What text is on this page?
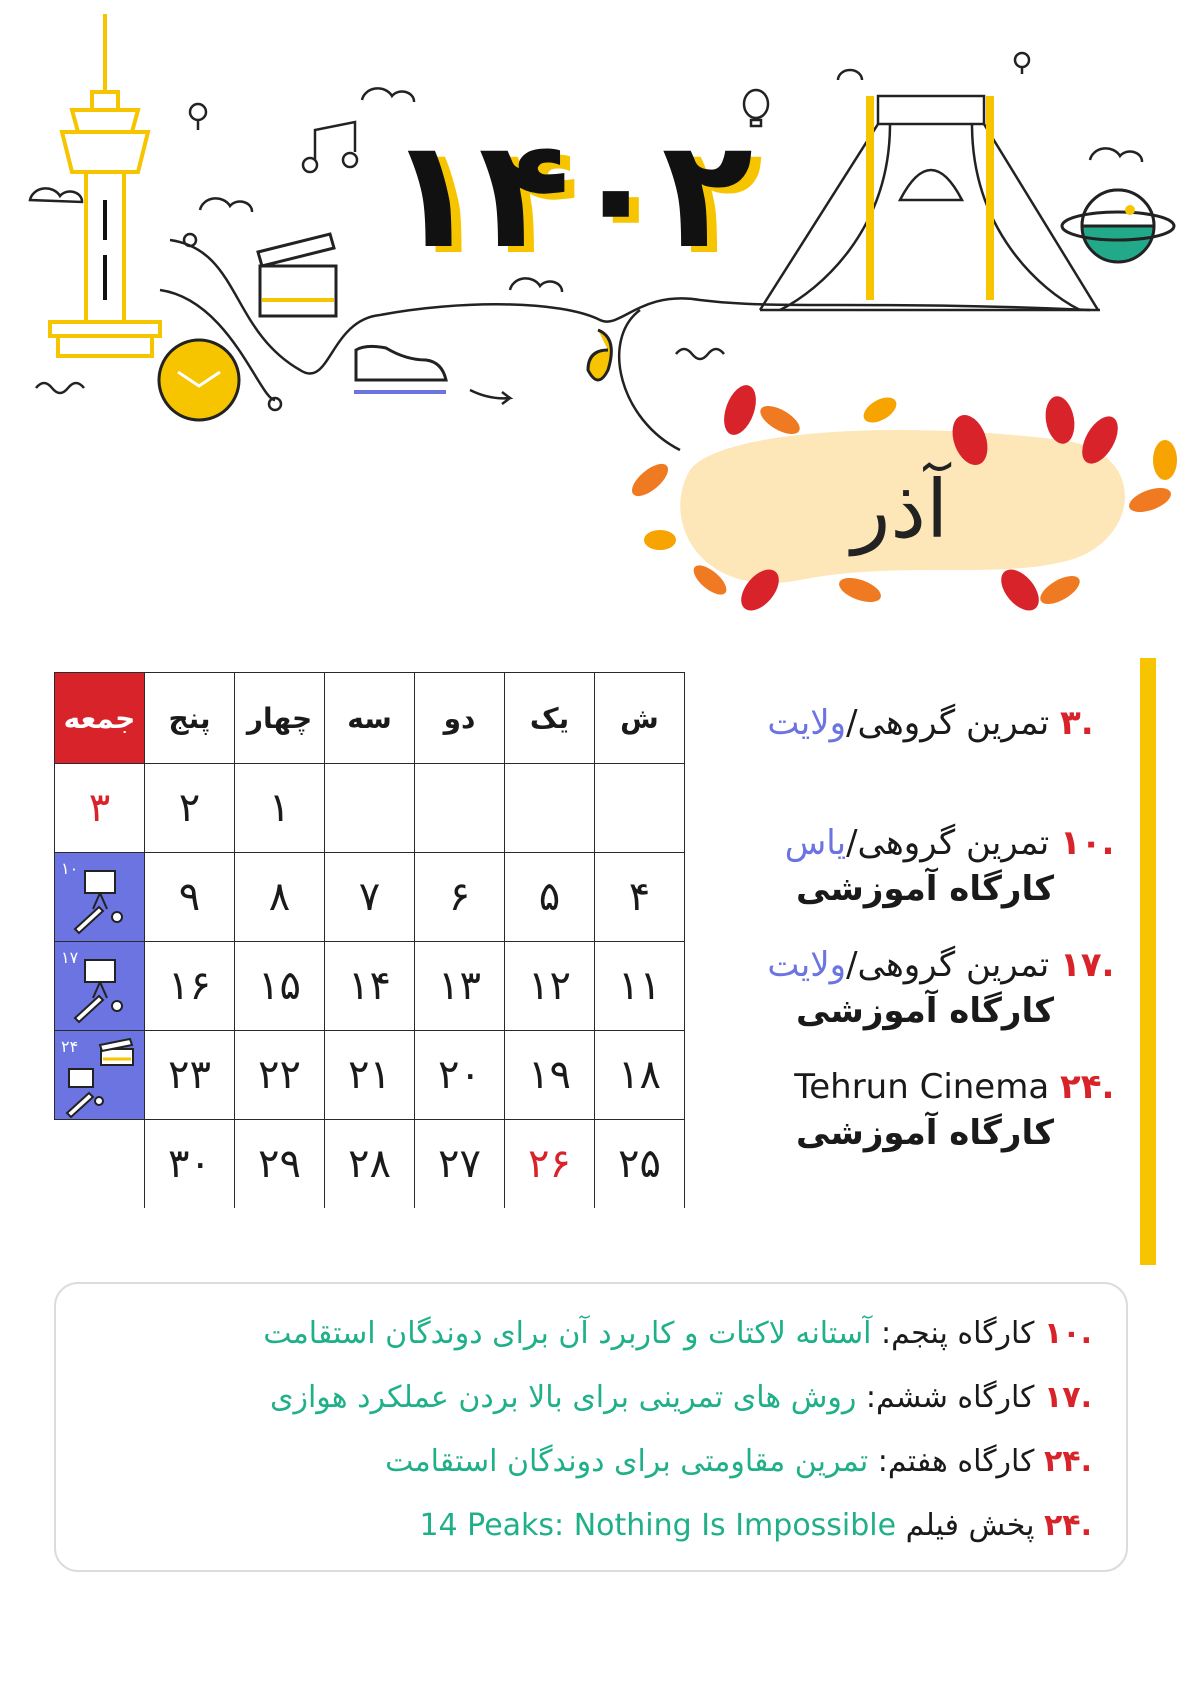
۱۴۰۲
آذر
ش	یک	دو	سه	چهار	پنج	جمعه
				۱	۲	۳
۴	۵	۶	۷	۸	۹	۱۰

۱۱	۱۲	۱۳	۱۴	۱۵	۱۶	۱۷

۱۸	۱۹	۲۰	۲۱	۲۲	۲۳	۲۴

۲۵	۲۶	۲۷	۲۸	۲۹	۳۰	
.۳ تمرین گروهی/ولایت
.۱۰ تمرین گروهی/یاس
کارگاه آموزشی
.۱۷ تمرین گروهی/ولایت
کارگاه آموزشی
.۲۴ Tehrun Cinema
کارگاه آموزشی
.۱۰ کارگاه پنجم: آستانه لاکتات و کاربرد آن برای دوندگان استقامت
.۱۷ کارگاه ششم: روش های تمرینی برای بالا بردن عملکرد هوازی
.۲۴ کارگاه هفتم: تمرین مقاومتی برای دوندگان استقامت
.۲۴ پخش فیلم 14 Peaks: Nothing Is Impossible
